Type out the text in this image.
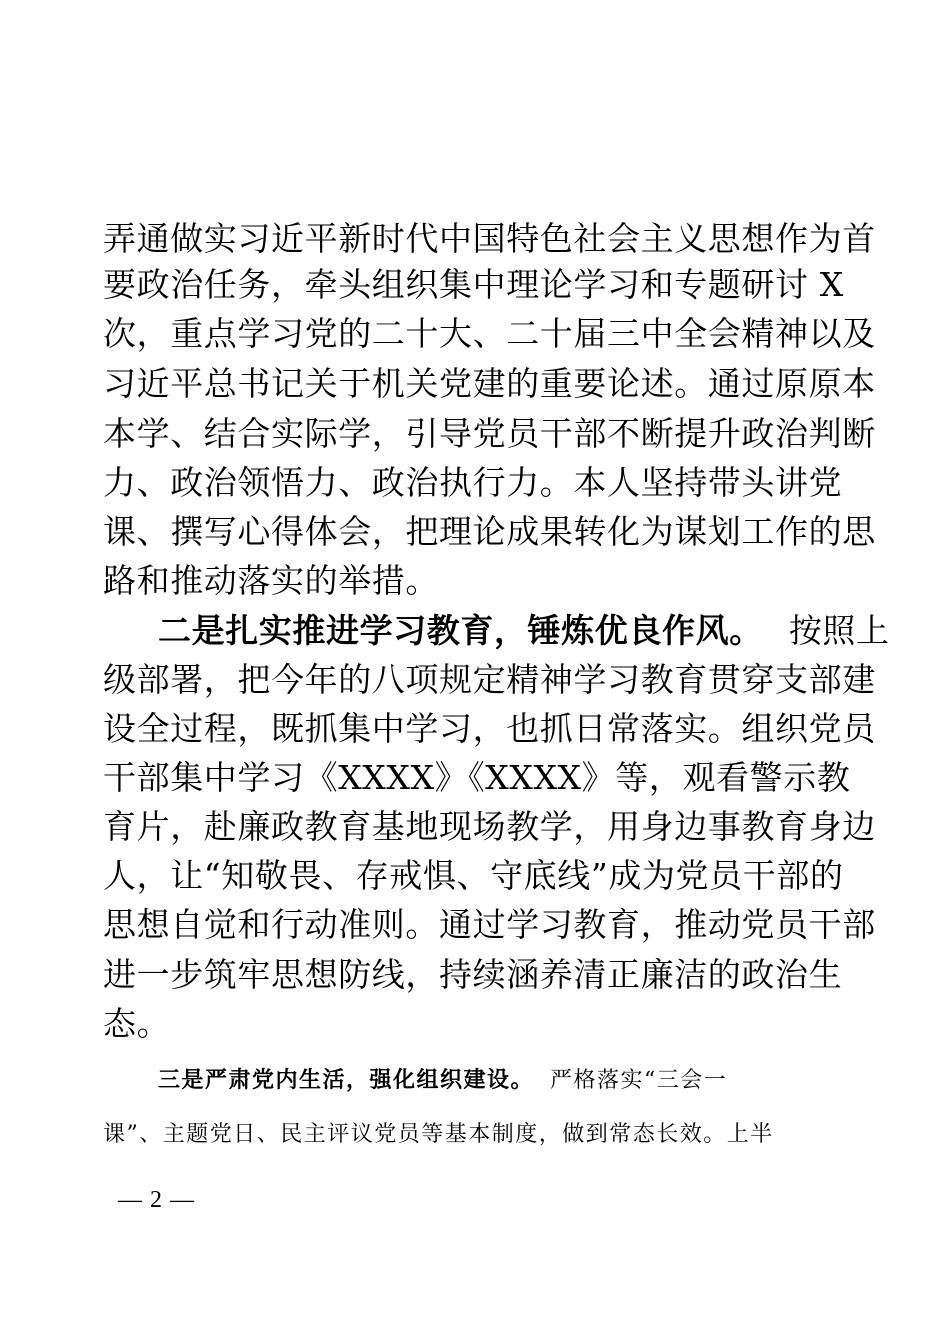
弄通做实习近平新时代中国特色社会主义思想作为首
要政治任务，牵头组织集中理论学习和专题研讨 X
次，重点学习党的二十大、二十届三中全会精神以及
习近平总书记关于机关党建的重要论述。通过原原本
本学、结合实际学，引导党员干部不断提升政治判断
力、政治领悟力、政治执行力。本人坚持带头讲党
课、撰写心得体会，把理论成果转化为谋划工作的思
路和推动落实的举措。
二是扎实推进学习教育，锤炼优良作风。 按照上
级部署，把今年的八项规定精神学习教育贯穿支部建
设全过程，既抓集中学习，也抓日常落实。组织党员
干部集中学习《XXXX》《XXXX》等，观看警示教
育片，赴廉政教育基地现场教学，用身边事教育身边
人，让“知敬畏、存戒惧、守底线”成为党员干部的
思想自觉和行动准则。通过学习教育，推动党员干部
进一步筑牢思想防线，持续涵养清正廉洁的政治生
态。
三是严肃党内生活，强化组织建设。 严格落实“三会一
课”、主题党日、民主评议党员等基本制度，做到常态长效。上半
— 2 —
